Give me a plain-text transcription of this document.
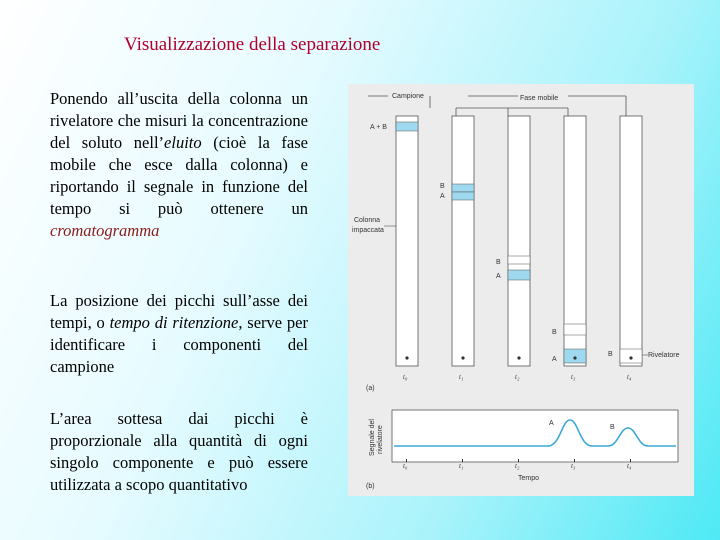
Visualizzazione della separazione
Ponendo all’uscita della colonna un rivelatore che misuri la concentrazione del soluto nell’eluito (cioè la fase mobile che esce dalla colonna) e riportando il segnale in funzione del tempo si può ottenere un cromatogramma
La posizione dei picchi sull’asse dei tempi, o tempo di ritenzione, serve per identificare i componenti del campione
L’area sottesa dai picchi è proporzionale alla quantità di ogni singolo componente e può essere utilizzata a scopo quantitativo
Campione	Fase mobile
A + B
B
A
B
A
B
A
B
Colonna
impaccata
Rivelatore
t₀	t₁	t₂	t₃	t₄
(a)
A
B
t₀	t₁	t₂	t₃	t₄
Tempo
(b)
Segnale del rivelatore
